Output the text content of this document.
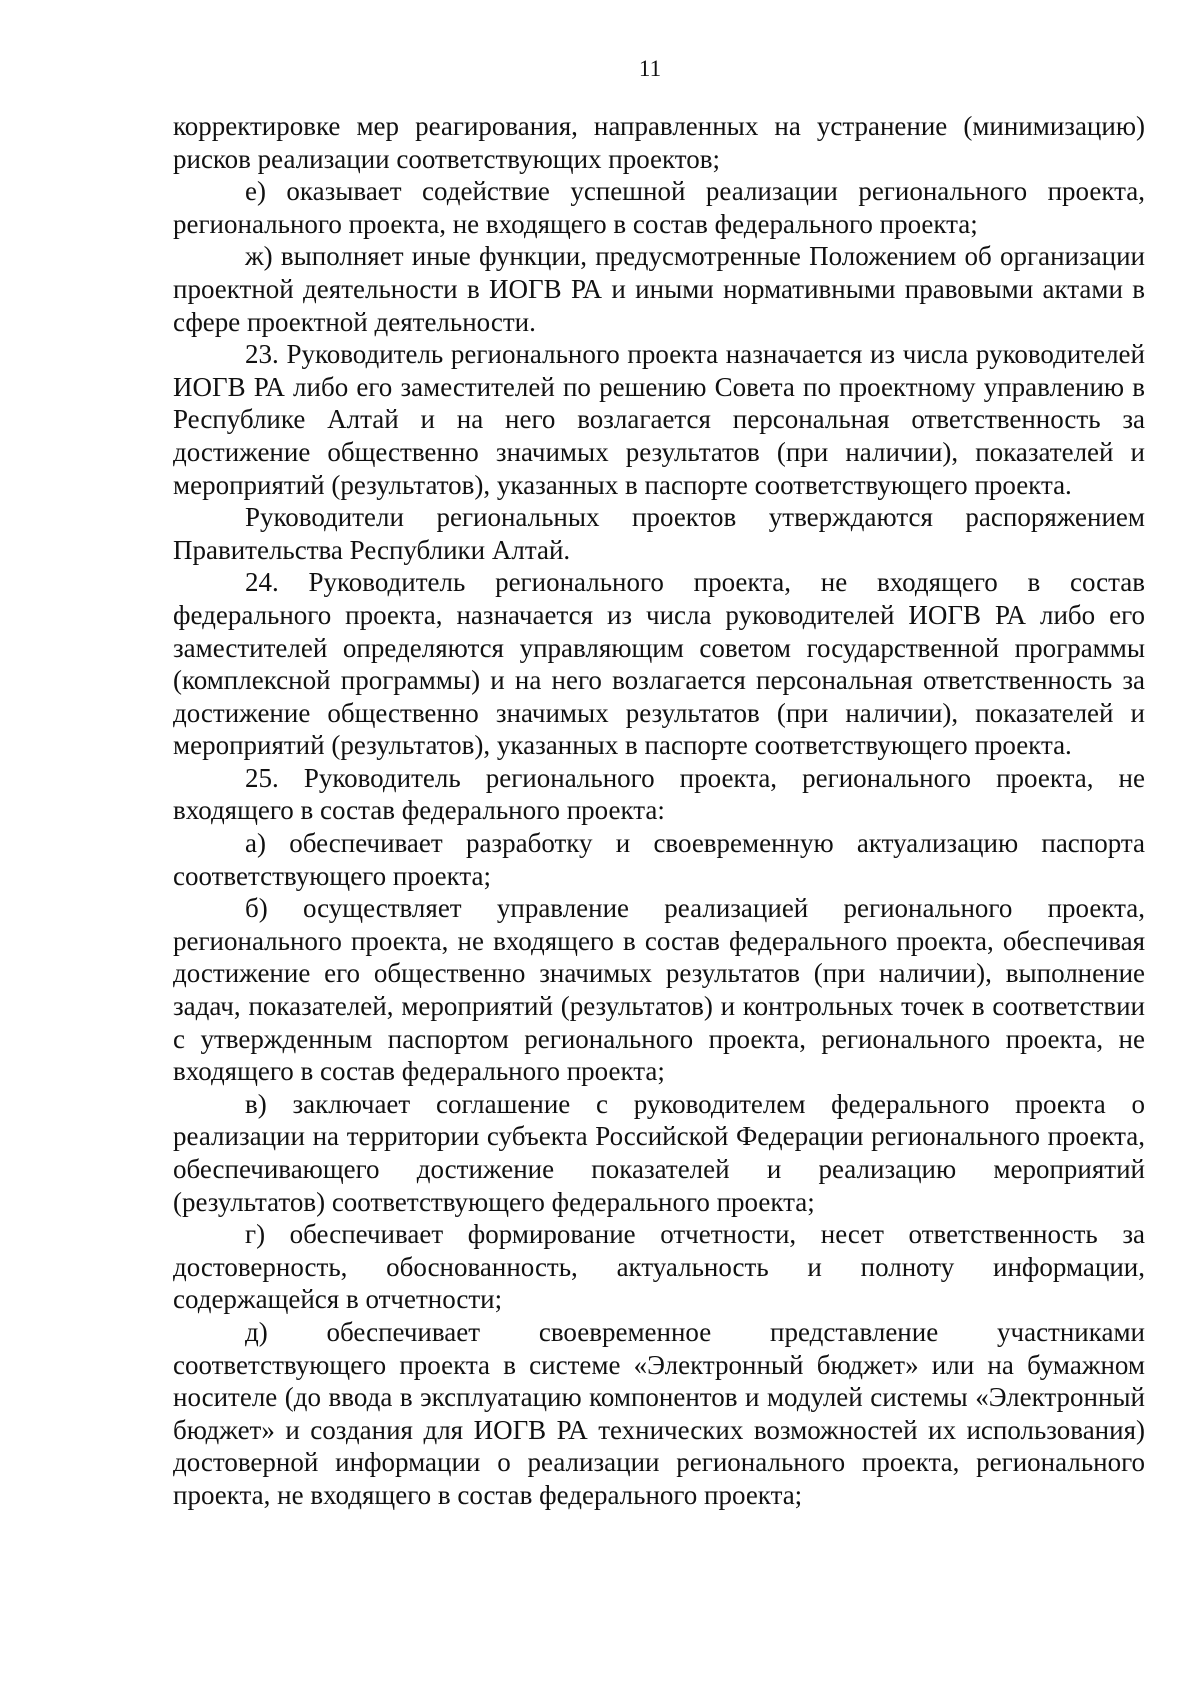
11

корректировке мер реагирования, направленных на устранение (минимизацию) рисков реализации соответствующих проектов;

е) оказывает содействие успешной реализации регионального проекта, регионального проекта, не входящего в состав федерального проекта;

ж) выполняет иные функции, предусмотренные Положением об организации проектной деятельности в ИОГВ РА и иными нормативными правовыми актами в сфере проектной деятельности.

23. Руководитель регионального проекта назначается из числа руководителей ИОГВ РА либо его заместителей по решению Совета по проектному управлению в Республике Алтай и на него возлагается персональная ответственность за достижение общественно значимых результатов (при наличии), показателей и мероприятий (результатов), указанных в паспорте соответствующего проекта.

Руководители региональных проектов утверждаются распоряжением Правительства Республики Алтай.

24. Руководитель регионального проекта, не входящего в состав федерального проекта, назначается из числа руководителей ИОГВ РА либо его заместителей определяются управляющим советом государственной программы (комплексной программы) и на него возлагается персональная ответственность за достижение общественно значимых результатов (при наличии), показателей и мероприятий (результатов), указанных в паспорте соответствующего проекта.

25. Руководитель регионального проекта, регионального проекта, не входящего в состав федерального проекта:

а) обеспечивает разработку и своевременную актуализацию паспорта соответствующего проекта;

б) осуществляет управление реализацией регионального проекта, регионального проекта, не входящего в состав федерального проекта, обеспечивая достижение его общественно значимых результатов (при наличии), выполнение задач, показателей, мероприятий (результатов) и контрольных точек в соответствии с утвержденным паспортом регионального проекта, регионального проекта, не входящего в состав федерального проекта;

в) заключает соглашение с руководителем федерального проекта о реализации на территории субъекта Российской Федерации регионального проекта, обеспечивающего достижение показателей и реализацию мероприятий (результатов) соответствующего федерального проекта;

г) обеспечивает формирование отчетности, несет ответственность за достоверность, обоснованность, актуальность и полноту информации, содержащейся в отчетности;

д) обеспечивает своевременное представление участниками соответствующего проекта в системе «Электронный бюджет» или на бумажном носителе (до ввода в эксплуатацию компонентов и модулей системы «Электронный бюджет» и создания для ИОГВ РА технических возможностей их использования) достоверной информации о реализации регионального проекта, регионального проекта, не входящего в состав федерального проекта;
